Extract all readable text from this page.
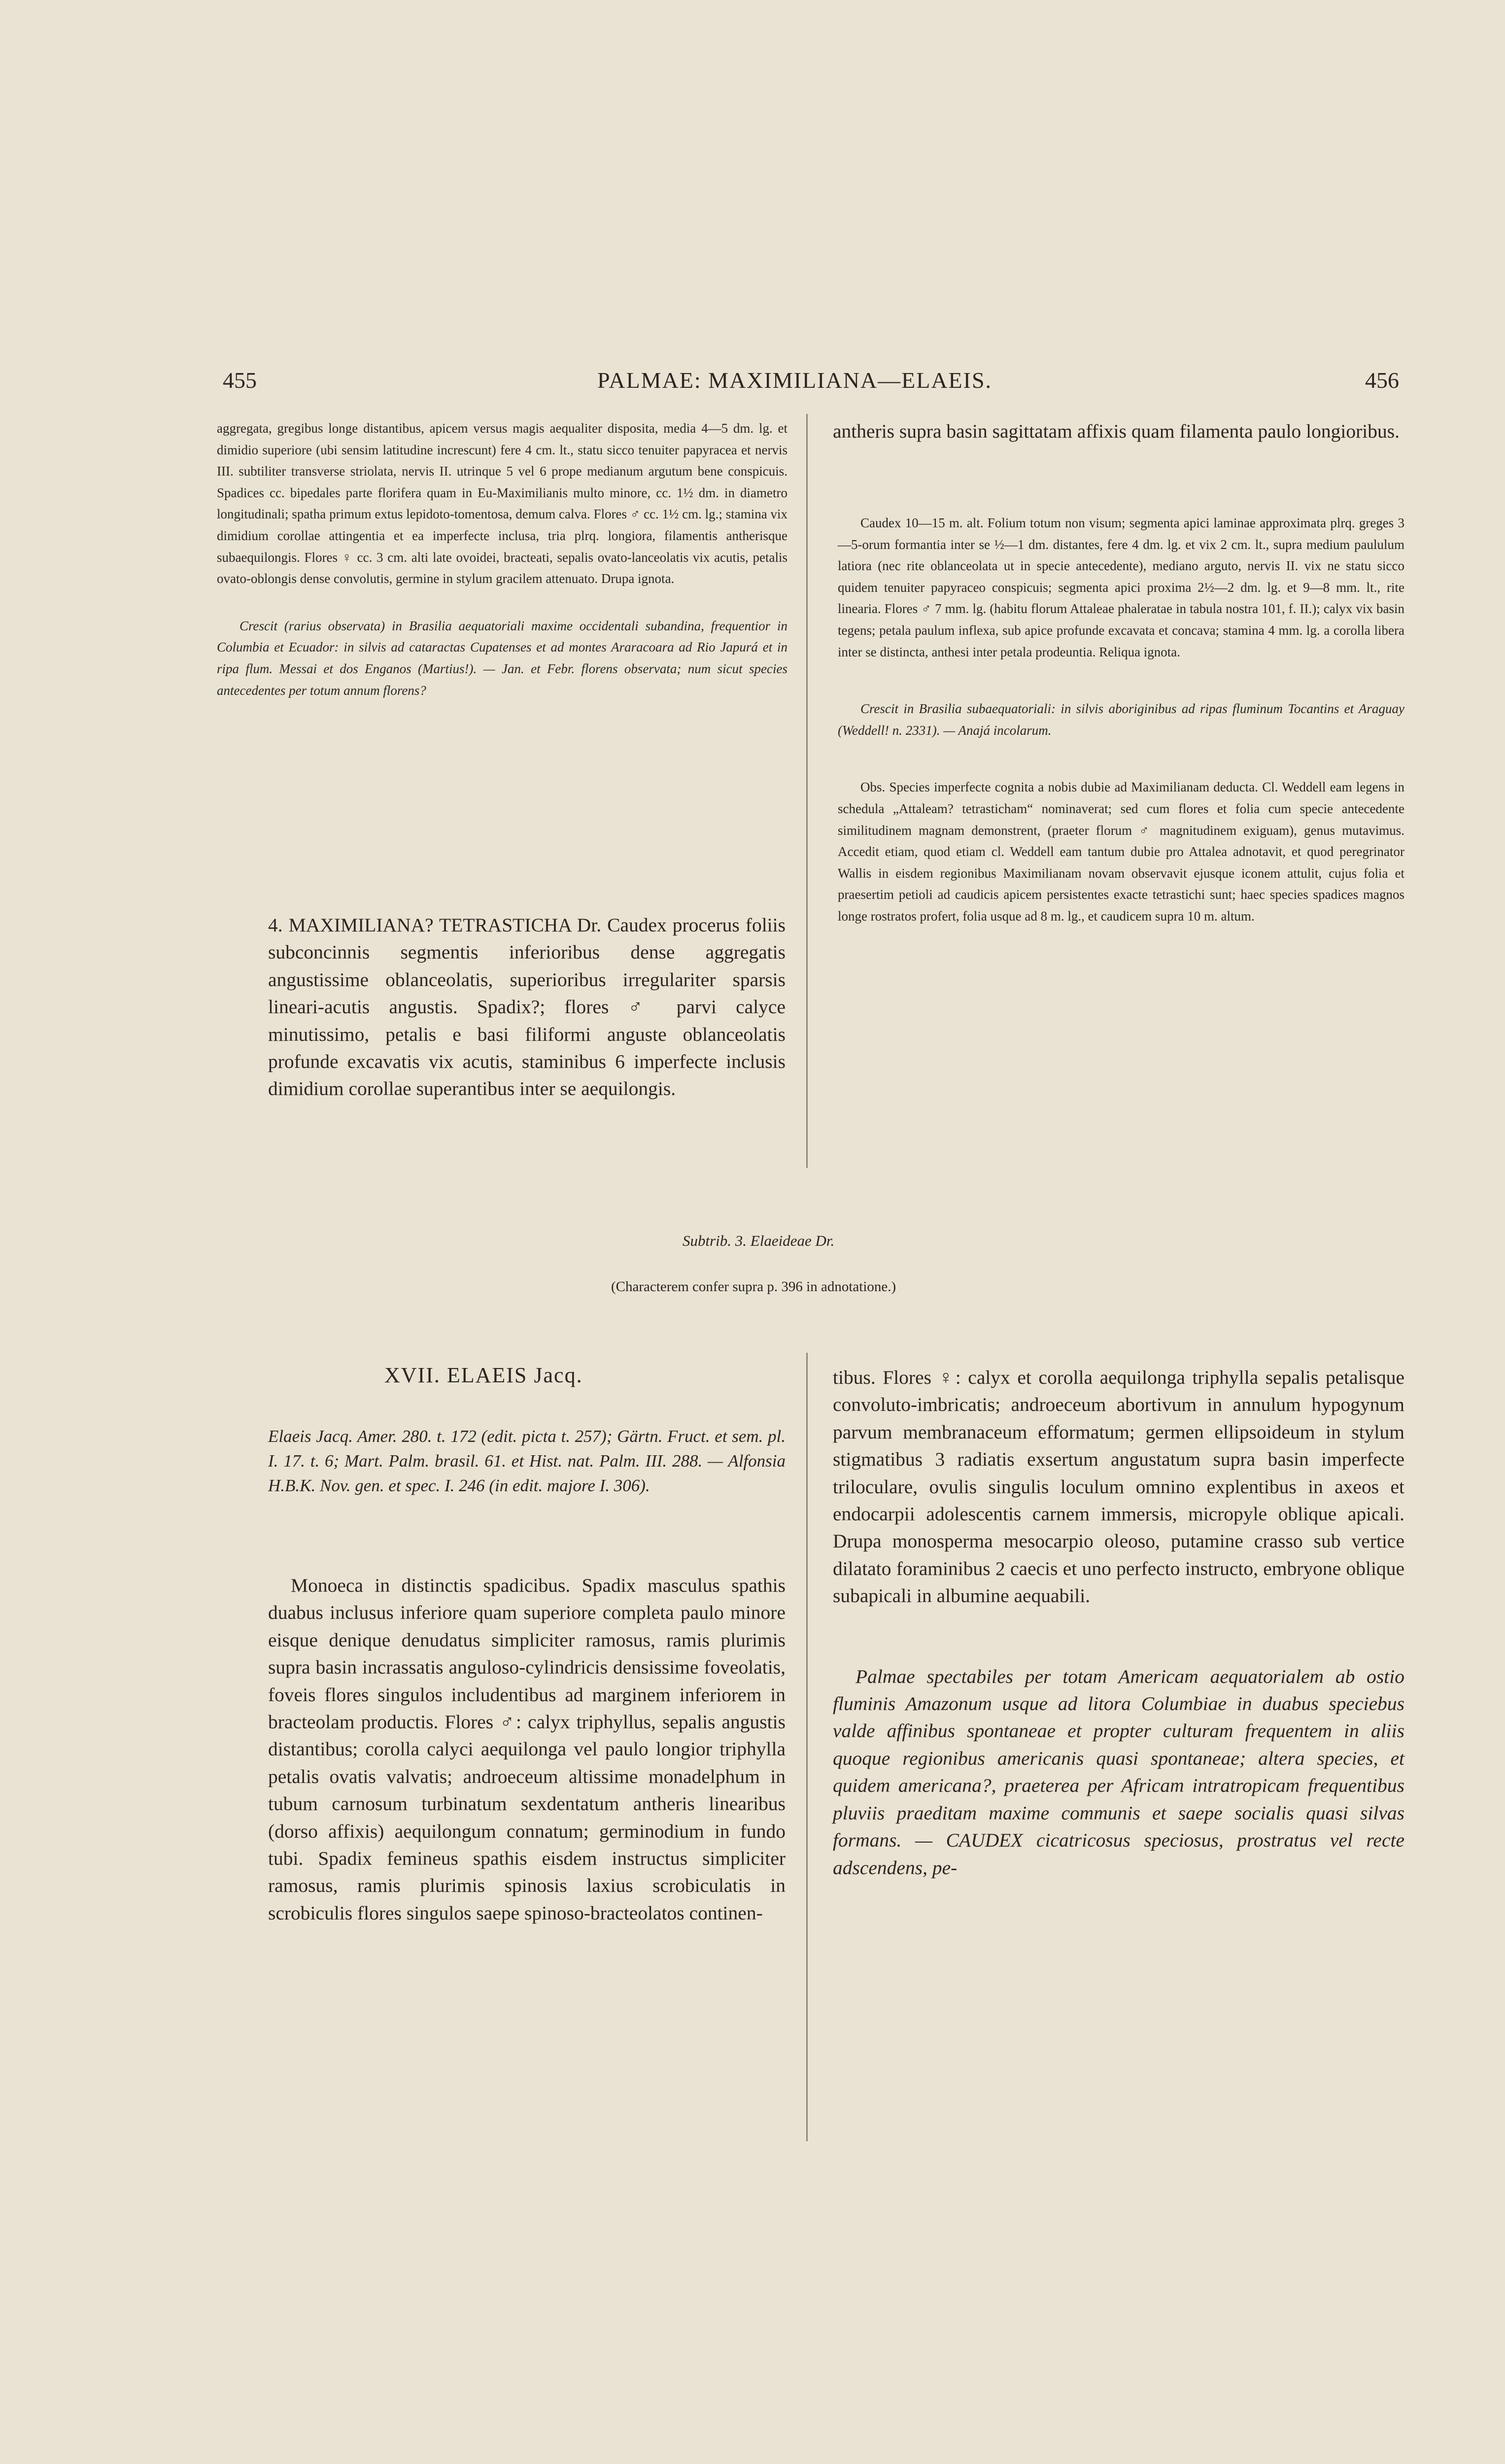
455	PALMAE: MAXIMILIANA—ELAEIS.	456

aggregata, gregibus longe distantibus, apicem versus magis aequaliter disposita, media 4—5 dm. lg. et dimidio superiore (ubi sensim latitudine increscunt) fere 4 cm. lt., statu sicco tenuiter papyracea et nervis III. subtiliter transverse striolata, nervis II. utrinque 5 vel 6 prope medianum argutum bene conspicuis. Spadices cc. bipedales parte florifera quam in Eu-Maximilianis multo minore, cc. 1½ dm. in diametro longitudinali; spatha primum extus lepidoto-tomentosa, demum calva. Flores ♂ cc. 1½ cm. lg.; stamina vix dimidium corollae attingentia et ea imperfecte inclusa, tria plrq. longiora, filamentis antherisque subaequilongis. Flores ♀ cc. 3 cm. alti late ovoidei, bracteati, sepalis ovato-lanceolatis vix acutis, petalis ovato-oblongis dense convolutis, germine in stylum gracilem attenuato. Drupa ignota.

Crescit (rarius observata) in Brasilia aequatoriali maxime occidentali subandina, frequentior in Columbia et Ecuador: in silvis ad cataractas Cupatenses et ad montes Araracoara ad Rio Japurá et in ripa flum. Messai et dos Enganos (Martius!). — Jan. et Febr. florens observata; num sicut species antecedentes per totum annum florens?

4. MAXIMILIANA? TETRASTICHA Dr. Caudex procerus foliis subconcinnis segmentis inferioribus dense aggregatis angustissime oblanceolatis, superioribus irregulariter sparsis lineari-acutis angustis. Spadix?; flores ♂ parvi calyce minutissimo, petalis e basi filiformi anguste oblanceolatis profunde excavatis vix acutis, staminibus 6 imperfecte inclusis dimidium corollae superantibus inter se aequilongis.

antheris supra basin sagittatam affixis quam filamenta paulo longioribus.

Caudex 10—15 m. alt. Folium totum non visum; segmenta apici laminae approximata plrq. greges 3—5-orum formantia inter se ½—1 dm. distantes, fere 4 dm. lg. et vix 2 cm. lt., supra medium paululum latiora (nec rite oblanceolata ut in specie antecedente), mediano arguto, nervis II. vix ne statu sicco quidem tenuiter papyraceo conspicuis; segmenta apici proxima 2½—2 dm. lg. et 9—8 mm. lt., rite linearia. Flores ♂ 7 mm. lg. (habitu florum Attaleae phaleratae in tabula nostra 101, f. II.); calyx vix basin tegens; petala paulum inflexa, sub apice profunde excavata et concava; stamina 4 mm. lg. a corolla libera inter se distincta, anthesi inter petala prodeuntia. Reliqua ignota.

Crescit in Brasilia subaequatoriali: in silvis aboriginibus ad ripas fluminum Tocantins et Araguay (Weddell! n. 2331). — Anajá incolarum.

Obs. Species imperfecte cognita a nobis dubie ad Maximilianam deducta. Cl. Weddell eam legens in schedula „Attaleam? tetrasticham“ nominaverat; sed cum flores et folia cum specie antecedente similitudinem magnam demonstrent, (praeter florum ♂ magnitudinem exiguam), genus mutavimus. Accedit etiam, quod etiam cl. Weddell eam tantum dubie pro Attalea adnotavit, et quod peregrinator Wallis in eisdem regionibus Maximilianam novam observavit ejusque iconem attulit, cujus folia et praesertim petioli ad caudicis apicem persistentes exacte tetrastichi sunt; haec species spadices magnos longe rostratos profert, folia usque ad 8 m. lg., et caudicem supra 10 m. altum.

Subtrib. 3. Elaeideae Dr.
(Characterem confer supra p. 396 in adnotatione.)
XVII. ELAEIS Jacq.
Elaeis Jacq. Amer. 280. t. 172 (edit. picta t. 257); Gärtn. Fruct. et sem. pl. I. 17. t. 6; Mart. Palm. brasil. 61. et Hist. nat. Palm. III. 288. — Alfonsia H.B.K. Nov. gen. et spec. I. 246 (in edit. majore I. 306).

Monoeca in distinctis spadicibus. Spadix masculus spathis duabus inclusus inferiore quam superiore completa paulo minore eisque denique denudatus simpliciter ramosus, ramis plurimis supra basin incrassatis anguloso-cylindricis densissime foveolatis, foveis flores singulos includentibus ad marginem inferiorem in bracteolam productis. Flores ♂: calyx triphyllus, sepalis angustis distantibus; corolla calyci aequilonga vel paulo longior triphylla petalis ovatis valvatis; androeceum altissime monadelphum in tubum carnosum turbinatum sexdentatum antheris linearibus (dorso affixis) aequilongum connatum; germinodium in fundo tubi. Spadix femineus spathis eisdem instructus simpliciter ramosus, ramis plurimis spinosis laxius scrobiculatis in scrobiculis flores singulos saepe spinoso-bracteolatos continen-

tibus. Flores ♀: calyx et corolla aequilonga triphylla sepalis petalisque convoluto-imbricatis; androeceum abortivum in annulum hypogynum parvum membranaceum efformatum; germen ellipsoideum in stylum stigmatibus 3 radiatis exsertum angustatum supra basin imperfecte triloculare, ovulis singulis loculum omnino explentibus in axeos et endocarpii adolescentis carnem immersis, micropyle oblique apicali. Drupa monosperma mesocarpio oleoso, putamine crasso sub vertice dilatato foraminibus 2 caecis et uno perfecto instructo, embryone oblique subapicali in albumine aequabili.

Palmae spectabiles per totam Americam aequatorialem ab ostio fluminis Amazonum usque ad litora Columbiae in duabus speciebus valde affinibus spontaneae et propter culturam frequentem in aliis quoque regionibus americanis quasi spontaneae; altera species, et quidem americana?, praeterea per Africam intratropicam frequentibus pluviis praeditam maxime communis et saepe socialis quasi silvas formans. — CAUDEX cicatricosus speciosus, prostratus vel recte adscendens, pe-
